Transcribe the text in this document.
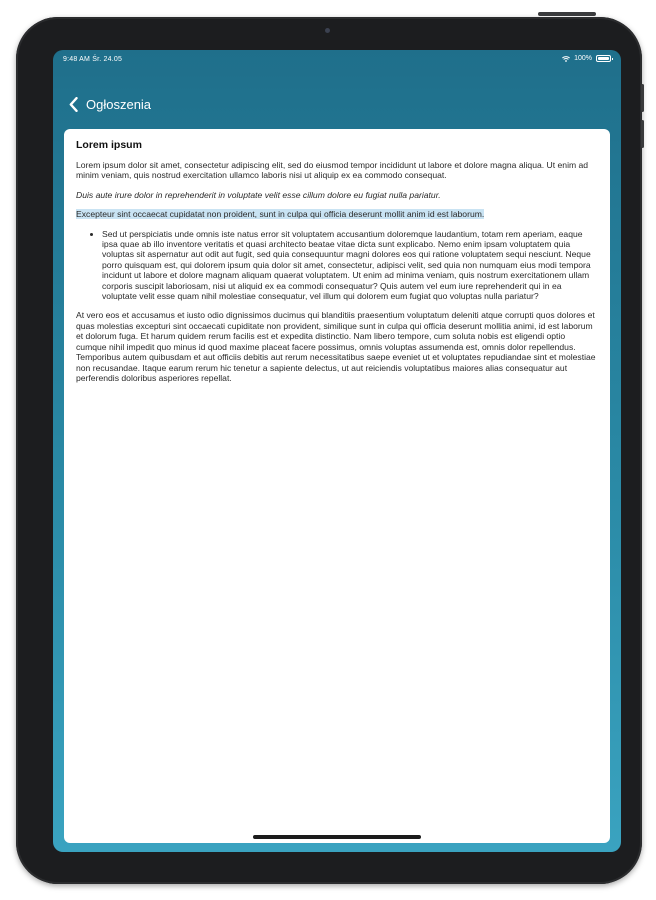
9:48 AM Śr. 24.05	100%
Ogłoszenia
Lorem ipsum

Lorem ipsum dolor sit amet, consectetur adipiscing elit, sed do eiusmod tempor incididunt ut labore et dolore magna aliqua. Ut enim ad minim veniam, quis nostrud exercitation ullamco laboris nisi ut aliquip ex ea commodo consequat.

Duis aute irure dolor in reprehenderit in voluptate velit esse cillum dolore eu fugiat nulla pariatur.

Excepteur sint occaecat cupidatat non proident, sunt in culpa qui officia deserunt mollit anim id est laborum.

• Sed ut perspiciatis unde omnis iste natus error sit voluptatem accusantium doloremque laudantium, totam rem aperiam, eaque ipsa quae ab illo inventore veritatis et quasi architecto beatae vitae dicta sunt explicabo. Nemo enim ipsam voluptatem quia voluptas sit aspernatur aut odit aut fugit, sed quia consequuntur magni dolores eos qui ratione voluptatem sequi nesciunt. Neque porro quisquam est, qui dolorem ipsum quia dolor sit amet, consectetur, adipisci velit, sed quia non numquam eius modi tempora incidunt ut labore et dolore magnam aliquam quaerat voluptatem. Ut enim ad minima veniam, quis nostrum exercitationem ullam corporis suscipit laboriosam, nisi ut aliquid ex ea commodi consequatur? Quis autem vel eum iure reprehenderit qui in ea voluptate velit esse quam nihil molestiae consequatur, vel illum qui dolorem eum fugiat quo voluptas nulla pariatur?

At vero eos et accusamus et iusto odio dignissimos ducimus qui blanditiis praesentium voluptatum deleniti atque corrupti quos dolores et quas molestias excepturi sint occaecati cupiditate non provident, similique sunt in culpa qui officia deserunt mollitia animi, id est laborum et dolorum fuga. Et harum quidem rerum facilis est et expedita distinctio. Nam libero tempore, cum soluta nobis est eligendi optio cumque nihil impedit quo minus id quod maxime placeat facere possimus, omnis voluptas assumenda est, omnis dolor repellendus. Temporibus autem quibusdam et aut officiis debitis aut rerum necessitatibus saepe eveniet ut et voluptates repudiandae sint et molestiae non recusandae. Itaque earum rerum hic tenetur a sapiente delectus, ut aut reiciendis voluptatibus maiores alias consequatur aut perferendis doloribus asperiores repellat.
